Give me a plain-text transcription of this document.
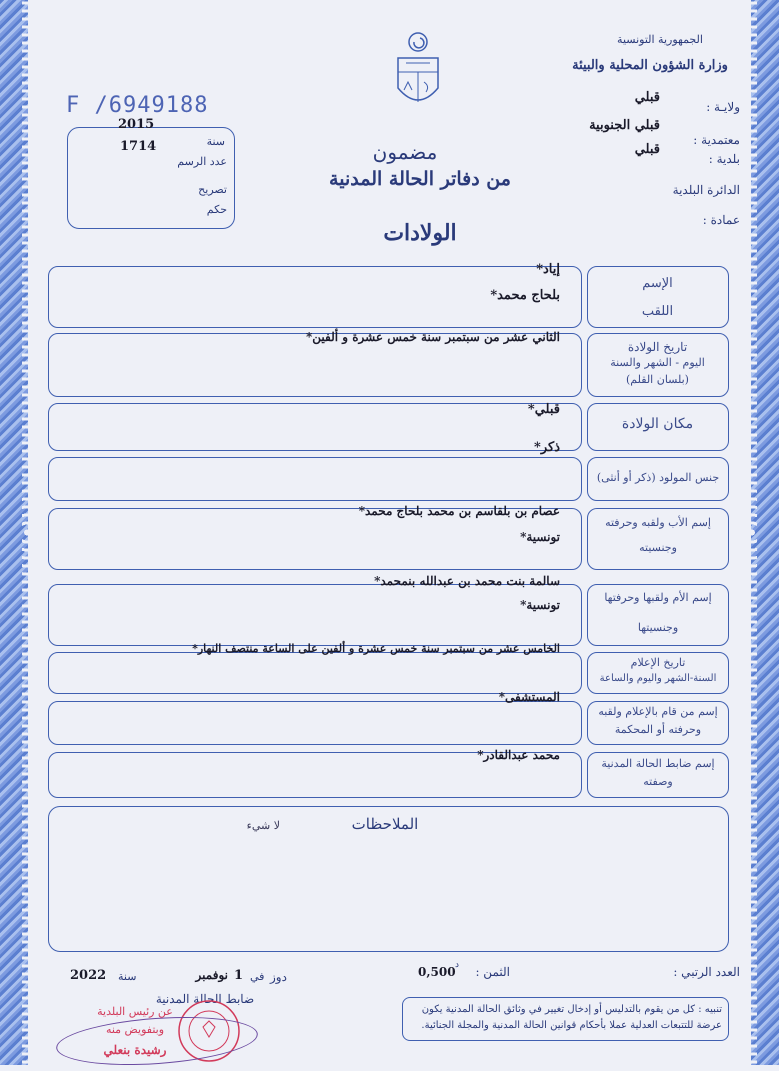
الجمهورية التونسية
وزارة الشؤون المحلية والبيئة
ولايـة :
قبلي
معتمدية :
قبلي الجنوبية
بلدية :
قبلي
الدائرة البلدية
عمادة :
F /6949188
2015
سنة
1714
عدد الرسم
تصريح
حكم
مضمون
من دفاتر الحالة المدنية
الولادات
الإسم
اللقب
إياد*
بلحاج محمد*
تاريخ الولادة
اليوم - الشهر والسنة
(بلسان القلم)
الثاني عشر من سبتمبر سنة خمس عشرة و ألفين*
مكان الولادة
قبلي*
ذكر*
جنس المولود (ذكر أو أنثى)
إسم الأب ولقبه وحرفته
وجنسيته
عصام بن بلقاسم بن محمد بلحاج محمد*
تونسية*
إسم الأم ولقبها وحرفتها
وجنسيتها
سالمة بنت محمد بن عبدالله بنمحمد*
تونسية*
تاريخ الإعلام
السنة-الشهر واليوم والساعة
الخامس عشر من سبتمبر سنة خمس عشرة و ألفين على الساعة منتصف النهار*
إسم من قام بالإعلام ولقبه
وحرفته أو المحكمة
المستشفى*
إسم ضابط الحالة المدنية
وصفته
محمد عبدالقادر*
الملاحظات
لا شيء
العدد الرتبي :
الثمن :
0,500 د
دوز
في
1
نوفمبر
سنة
2022
ضابط الحالة المدنية
تنبيه : كل من يقوم بالتدليس أو إدخال تغيير في وثائق الحالة المدنية يكون عرضة للتتبعات العدلية عملا بأحكام قوانين الحالة المدنية والمجلة الجنائية.
عن رئيس البلدية
وبتفويض منه
رشيدة بنعلي
